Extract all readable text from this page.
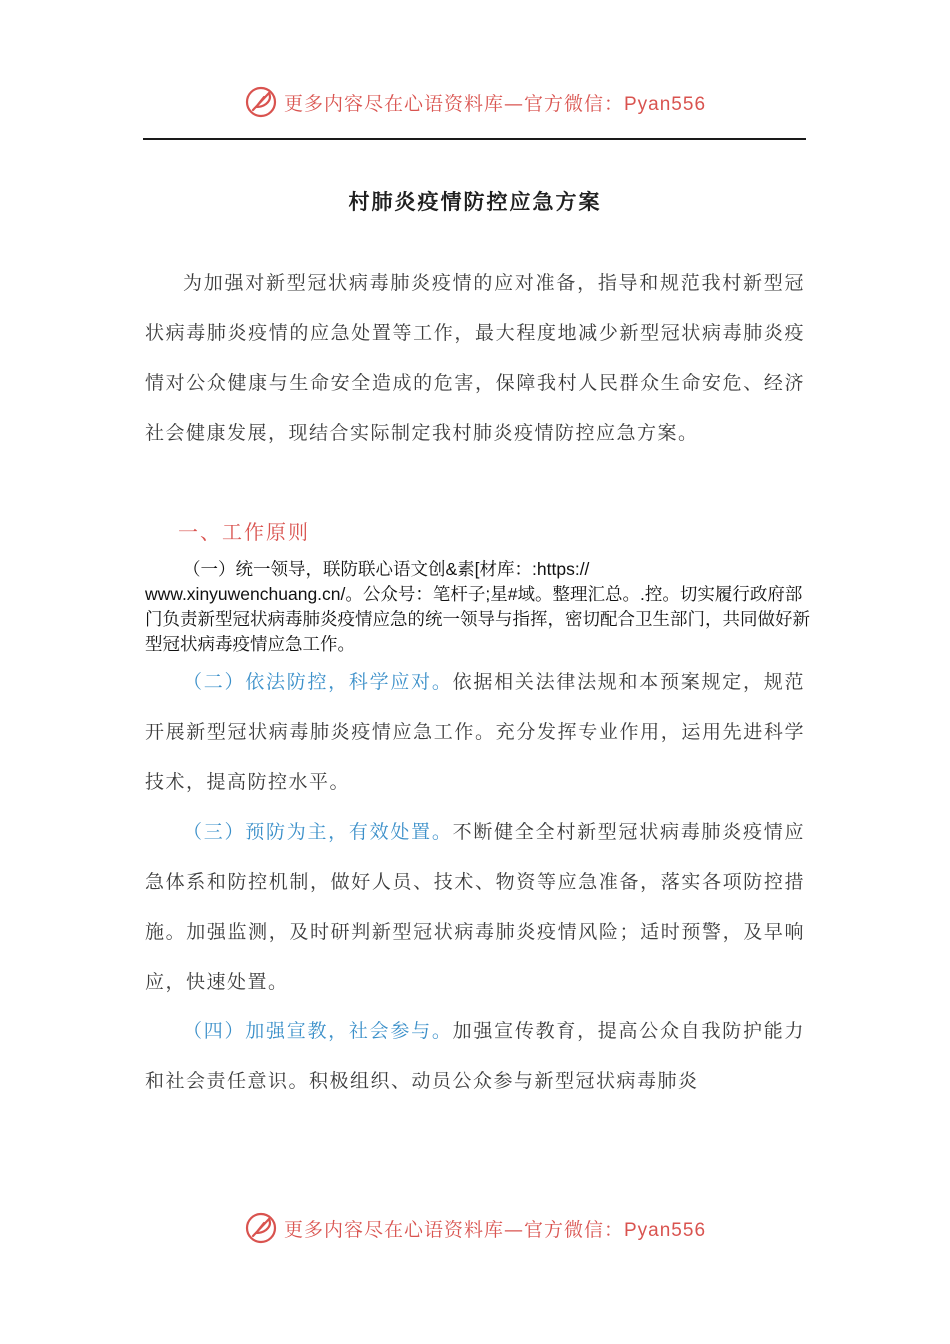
更多内容尽在心语资料库—官方微信：Pyan556
村肺炎疫情防控应急方案

为加强对新型冠状病毒肺炎疫情的应对准备，指导和规范我村新型冠状病毒肺炎疫情的应急处置等工作，最大程度地减少新型冠状病毒肺炎疫情对公众健康与生命安全造成的危害，保障我村人民群众生命安危、经济社会健康发展，现结合实际制定我村肺炎疫情防控应急方案。

一、工作原则
（一）统一领导，联防联心语文创&素[材库：:https://
www.xinyuwenchuang.cn/。公众号：笔杆子;星#域。整理汇总。.控。切实履行政府部门负责新型冠状病毒肺炎疫情应急的统一领导与指挥，密切配合卫生部门，共同做好新型冠状病毒疫情应急工作。

（二）依法防控，科学应对。依据相关法律法规和本预案规定，规范开展新型冠状病毒肺炎疫情应急工作。充分发挥专业作用，运用先进科学技术，提高防控水平。

（三）预防为主，有效处置。不断健全全村新型冠状病毒肺炎疫情应急体系和防控机制，做好人员、技术、物资等应急准备，落实各项防控措施。加强监测，及时研判新型冠状病毒肺炎疫情风险；适时预警，及早响应，快速处置。

（四）加强宣教，社会参与。加强宣传教育，提高公众自我防护能力和社会责任意识。积极组织、动员公众参与新型冠状病毒肺炎

更多内容尽在心语资料库—官方微信：Pyan556
